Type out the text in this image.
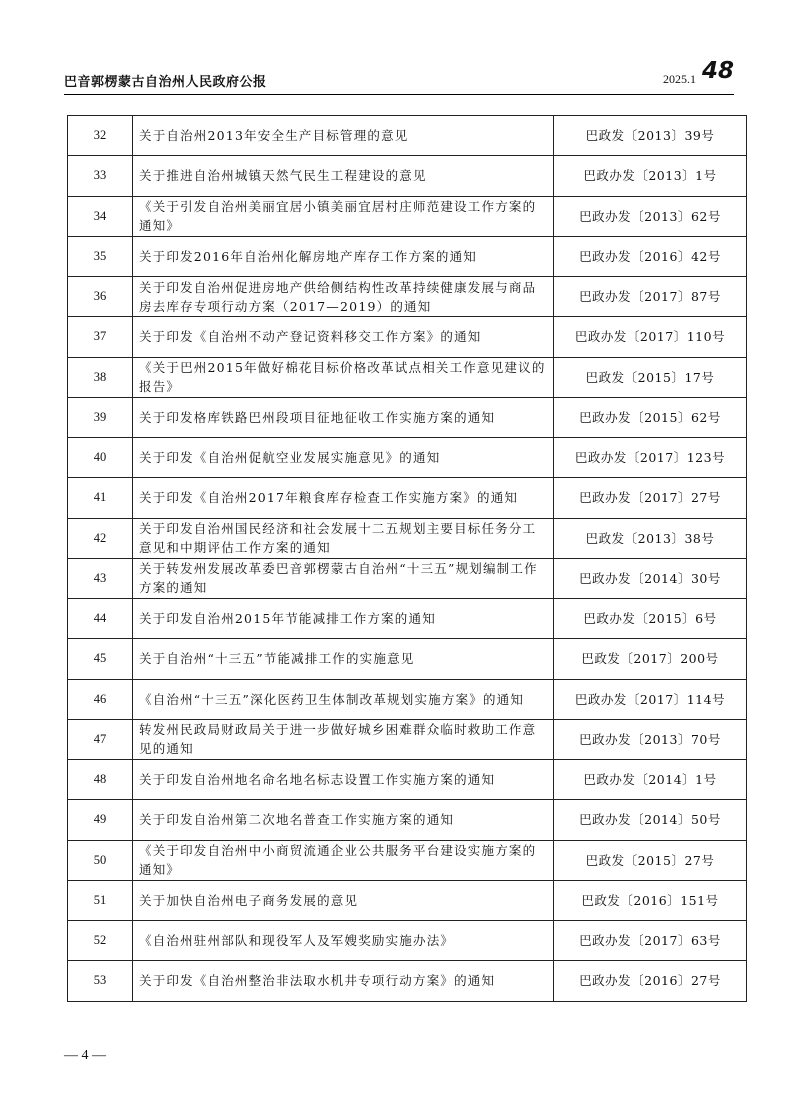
巴音郭楞蒙古自治州人民政府公报	2025.1 48
32	关于自治州2013年安全生产目标管理的意见	巴政发〔2013〕39号
33	关于推进自治州城镇天然气民生工程建设的意见	巴政办发〔2013〕1号
34	《关于引发自治州美丽宜居小镇美丽宜居村庄师范建设工作方案的通知》	巴政办发〔2013〕62号
35	关于印发2016年自治州化解房地产库存工作方案的通知	巴政办发〔2016〕42号
36	关于印发自治州促进房地产供给侧结构性改革持续健康发展与商品房去库存专项行动方案（2017—2019）的通知	巴政办发〔2017〕87号
37	关于印发《自治州不动产登记资料移交工作方案》的通知	巴政办发〔2017〕110号
38	《关于巴州2015年做好棉花目标价格改革试点相关工作意见建议的报告》	巴政发〔2015〕17号
39	关于印发格库铁路巴州段项目征地征收工作实施方案的通知	巴政办发〔2015〕62号
40	关于印发《自治州促航空业发展实施意见》的通知	巴政办发〔2017〕123号
41	关于印发《自治州2017年粮食库存检查工作实施方案》的通知	巴政办发〔2017〕27号
42	关于印发自治州国民经济和社会发展十二五规划主要目标任务分工意见和中期评估工作方案的通知	巴政发〔2013〕38号
43	关于转发州发展改革委巴音郭楞蒙古自治州“十三五”规划编制工作方案的通知	巴政办发〔2014〕30号
44	关于印发自治州2015年节能减排工作方案的通知	巴政办发〔2015〕6号
45	关于自治州“十三五”节能减排工作的实施意见	巴政发〔2017〕200号
46	《自治州“十三五”深化医药卫生体制改革规划实施方案》的通知	巴政办发〔2017〕114号
47	转发州民政局财政局关于进一步做好城乡困难群众临时救助工作意见的通知	巴政办发〔2013〕70号
48	关于印发自治州地名命名地名标志设置工作实施方案的通知	巴政办发〔2014〕1号
49	关于印发自治州第二次地名普查工作实施方案的通知	巴政办发〔2014〕50号
50	《关于印发自治州中小商贸流通企业公共服务平台建设实施方案的通知》	巴政发〔2015〕27号
51	关于加快自治州电子商务发展的意见	巴政发〔2016〕151号
52	《自治州驻州部队和现役军人及军嫂奖励实施办法》	巴政办发〔2017〕63号
53	关于印发《自治州整治非法取水机井专项行动方案》的通知	巴政办发〔2016〕27号
— 4 —
